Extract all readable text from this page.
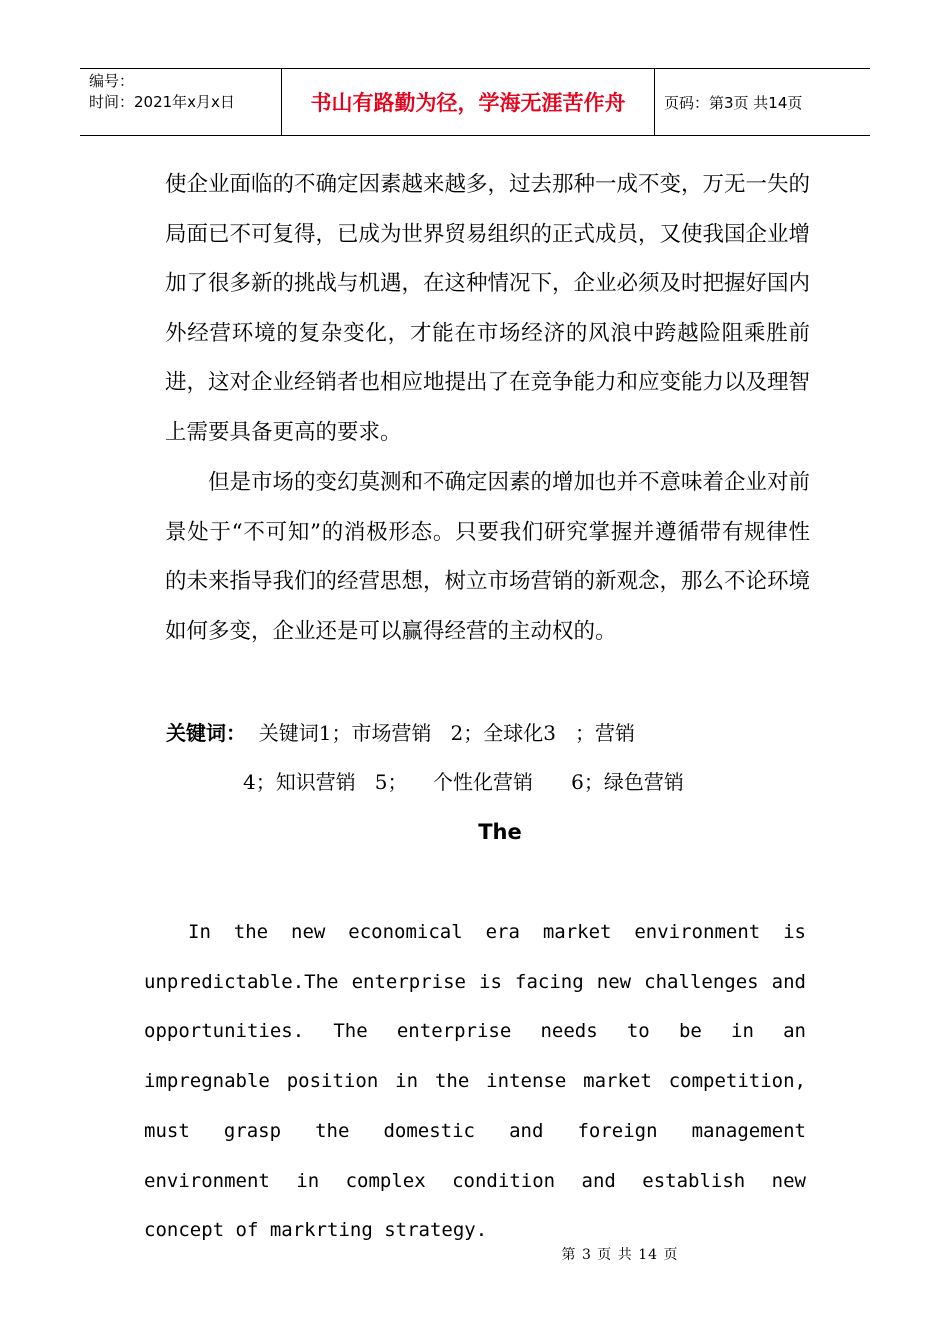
编号：
时间：2021年x月x日	书山有路勤为径，学海无涯苦作舟	页码：第3页 共14页
使企业面临的不确定因素越来越多，过去那种一成不变，万无一失的局面已不可复得，已成为世界贸易组织的正式成员，又使我国企业增加了很多新的挑战与机遇，在这种情况下，企业必须及时把握好国内外经营环境的复杂变化，才能在市场经济的风浪中跨越险阻乘胜前进，这对企业经销者也相应地提出了在竞争能力和应变能力以及理智上需要具备更高的要求。
但是市场的变幻莫测和不确定因素的增加也并不意味着企业对前景处于“不可知”的消极形态。只要我们研究掌握并遵循带有规律性的未来指导我们的经营思想，树立市场营销的新观念，那么不论环境如何多变，企业还是可以赢得经营的主动权的。
关键词：  关键词1；市场营销   2；全球化3   ；营销
4；知识营销   5；    个性化营销      6；绿色营销
The
In the new economical era market environment is unpredictable.The enterprise is facing new challenges and opportunities. The enterprise needs to be in an impregnable position in the intense market competition, must grasp the domestic and foreign management environment in complex condition and establish new concept of markrting strategy.
第 3 页 共 14 页
